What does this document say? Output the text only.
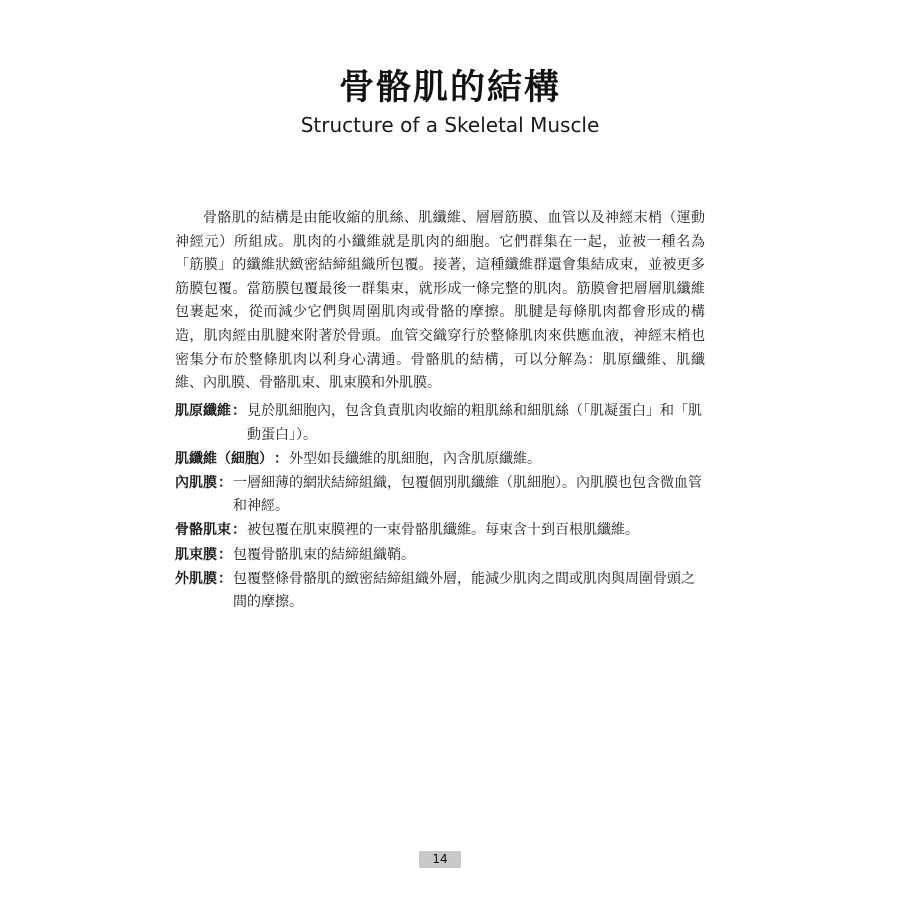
骨骼肌的結構
Structure of a Skeletal Muscle

骨骼肌的結構是由能收縮的肌絲、肌纖維、層層筋膜、血管以及神經末梢（運動神經元）所組成。肌肉的小纖維就是肌肉的細胞。它們群集在一起，並被一種名為「筋膜」的纖維狀緻密結締組織所包覆。接著，這種纖維群還會集結成束，並被更多筋膜包覆。當筋膜包覆最後一群集束，就形成一條完整的肌肉。筋膜會把層層肌纖維包裹起來，從而減少它們與周圍肌肉或骨骼的摩擦。肌腱是每條肌肉都會形成的構造，肌肉經由肌腱來附著於骨頭。血管交織穿行於整條肌肉來供應血液，神經末梢也密集分布於整條肌肉以利身心溝通。骨骼肌的結構，可以分解為：肌原纖維、肌纖維、內肌膜、骨骼肌束、肌束膜和外肌膜。

肌原纖維 ： 見於肌細胞內，包含負責肌肉收縮的粗肌絲和細肌絲（「肌凝蛋白」和「肌動蛋白」）。
肌纖維（細胞） ： 外型如長纖維的肌細胞，內含肌原纖維。
內肌膜 ： 一層細薄的網狀結締組織，包覆個別肌纖維（肌細胞）。內肌膜也包含微血管和神經。
骨骼肌束 ： 被包覆在肌束膜裡的一束骨骼肌纖維。每束含十到百根肌纖維。
肌束膜 ： 包覆骨骼肌束的結締組織鞘。
外肌膜 ： 包覆整條骨骼肌的緻密結締組織外層，能減少肌肉之間或肌肉與周圍骨頭之間的摩擦。
14
